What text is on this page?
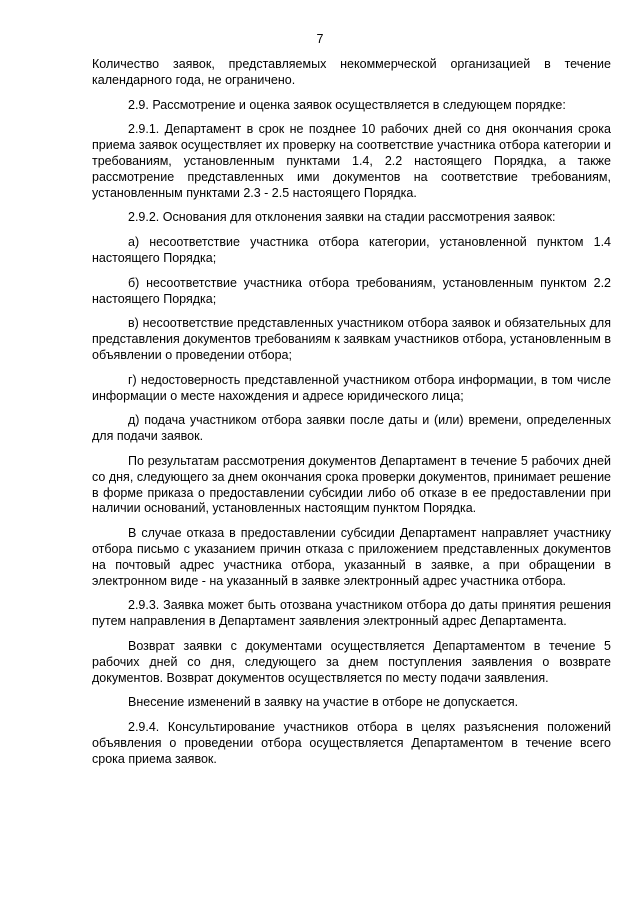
7

Количество заявок, представляемых некоммерческой организацией в течение календарного года, не ограничено.

2.9. Рассмотрение и оценка заявок осуществляется в следующем порядке:

2.9.1. Департамент в срок не позднее 10 рабочих дней со дня окончания срока приема заявок осуществляет их проверку на соответствие участника отбора категории и требованиям, установленным пунктами 1.4, 2.2 настоящего Порядка, а также рассмотрение представленных ими документов на соответствие требованиям, установленным пунктами 2.3 - 2.5 настоящего Порядка.

2.9.2. Основания для отклонения заявки на стадии рассмотрения заявок:

а) несоответствие участника отбора категории, установленной пунктом 1.4 настоящего Порядка;

б) несоответствие участника отбора требованиям, установленным пунктом 2.2 настоящего Порядка;

в) несоответствие представленных участником отбора заявок и обязательных для представления документов требованиям к заявкам участников отбора, установленным в объявлении о проведении отбора;

г) недостоверность представленной участником отбора информации, в том числе информации о месте нахождения и адресе юридического лица;

д) подача участником отбора заявки после даты и (или) времени, определенных для подачи заявок.

По результатам рассмотрения документов Департамент в течение 5 рабочих дней со дня, следующего за днем окончания срока проверки документов, принимает решение в форме приказа о предоставлении субсидии либо об отказе в ее предоставлении при наличии оснований, установленных настоящим пунктом Порядка.

В случае отказа в предоставлении субсидии Департамент направляет участнику отбора письмо с указанием причин отказа с приложением представленных документов на почтовый адрес участника отбора, указанный в заявке, а при обращении в электронном виде - на указанный в заявке электронный адрес участника отбора.

2.9.3. Заявка может быть отозвана участником отбора до даты принятия решения путем направления в Департамент заявления электронный адрес Департамента.

Возврат заявки с документами осуществляется Департаментом в течение 5 рабочих дней со дня, следующего за днем поступления заявления о возврате документов. Возврат документов осуществляется по месту подачи заявления.

Внесение изменений в заявку на участие в отборе не допускается.

2.9.4. Консультирование участников отбора в целях разъяснения положений объявления о проведении отбора осуществляется Департаментом в течение всего срока приема заявок.
